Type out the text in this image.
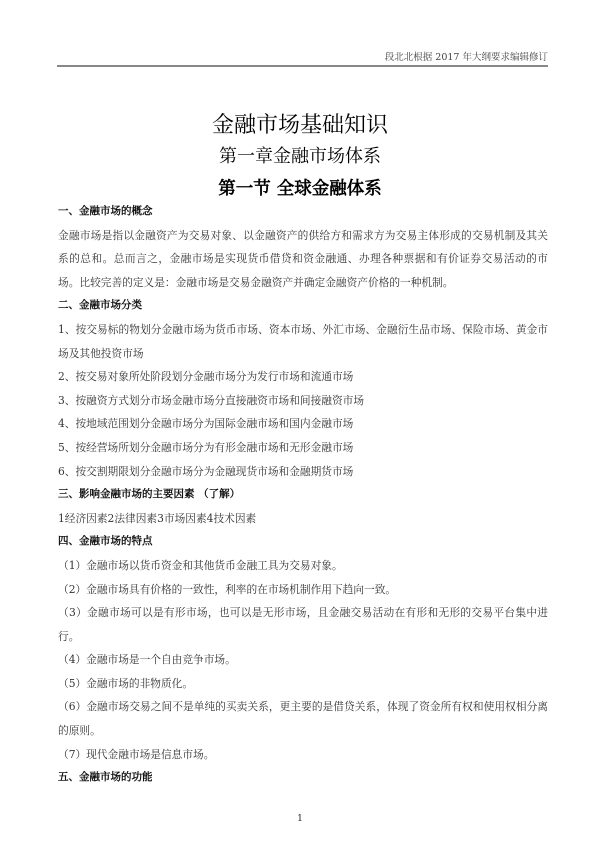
段北北根据 2017 年大纲要求编辑修订
金融市场基础知识
第一章金融市场体系
第一节 全球金融体系

一、金融市场的概念

金融市场是指以金融资产为交易对象、以金融资产的供给方和需求方为交易主体形成的交易机制及其关系的总和。总而言之，金融市场是实现货币借贷和资金融通、办理各种票据和有价证券交易活动的市场。比较完善的定义是：金融市场是交易金融资产并确定金融资产价格的一种机制。

二、金融市场分类

1、按交易标的物划分金融市场为货币市场、资本市场、外汇市场、金融衍生品市场、保险市场、黄金市场及其他投资市场

2、按交易对象所处阶段划分金融市场分为发行市场和流通市场

3、按融资方式划分市场金融市场分直接融资市场和间接融资市场

4、按地域范围划分金融市场分为国际金融市场和国内金融市场

5、按经营场所划分金融市场分为有形金融市场和无形金融市场

6、按交割期限划分金融市场分为金融现货市场和金融期货市场

三、影响金融市场的主要因素 （了解）

1经济因素2法律因素3市场因素4技术因素

四、金融市场的特点

（1）金融市场以货币资金和其他货币金融工具为交易对象。

（2）金融市场具有价格的一致性，利率的在市场机制作用下趋向一致。

（3）金融市场可以是有形市场，也可以是无形市场，且金融交易活动在有形和无形的交易平台集中进行。

（4）金融市场是一个自由竞争市场。

（5）金融市场的非物质化。

（6）金融市场交易之间不是单纯的买卖关系，更主要的是借贷关系，体现了资金所有权和使用权相分离的原则。

（7）现代金融市场是信息市场。

五、金融市场的功能

1
